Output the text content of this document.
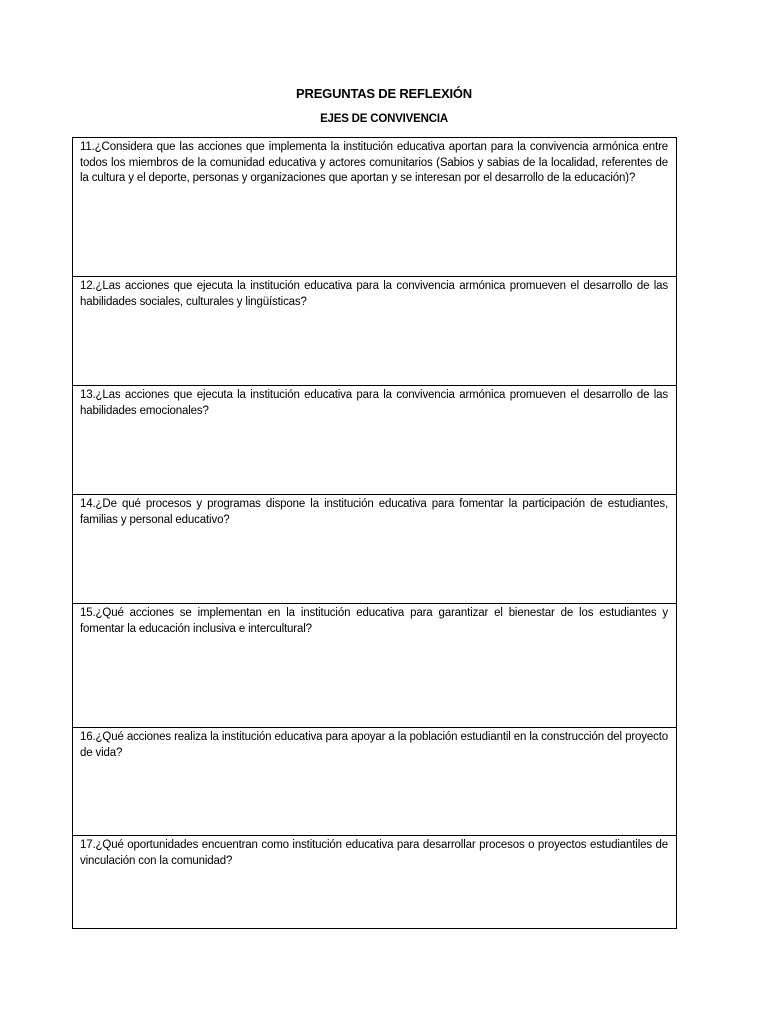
PREGUNTAS DE REFLEXIÓN
EJES DE CONVIVENCIA
11.¿Considera que las acciones que implementa la institución educativa aportan para la convivencia armónica entre todos los miembros de la comunidad educativa y actores comunitarios (Sabios y sabias de la localidad, referentes de la cultura y el deporte, personas y organizaciones que aportan y se interesan por el desarrollo de la educación)?
12.¿Las acciones que ejecuta la institución educativa para la convivencia armónica promueven el desarrollo de las habilidades sociales, culturales y lingüísticas?
13.¿Las acciones que ejecuta la institución educativa para la convivencia armónica promueven el desarrollo de las habilidades emocionales?
14.¿De qué procesos y programas dispone la institución educativa para fomentar la participación de estudiantes, familias y personal educativo?
15.¿Qué acciones se implementan en la institución educativa para garantizar el bienestar de los estudiantes y fomentar la educación inclusiva e intercultural?
16.¿Qué acciones realiza la institución educativa para apoyar a la población estudiantil en la construcción del proyecto de vida?
17.¿Qué oportunidades encuentran como institución educativa para desarrollar procesos o proyectos estudiantiles de vinculación con la comunidad?
